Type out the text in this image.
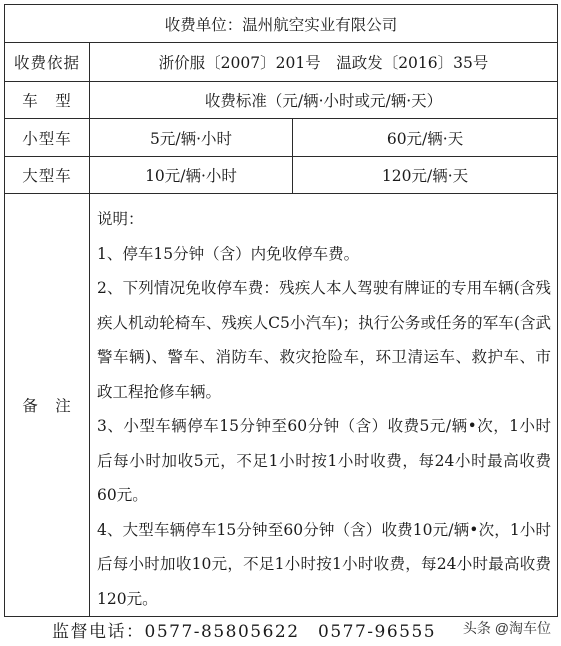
收费单位：温州航空实业有限公司		
收费依据	浙价服〔2007〕201号　温政发〔2016〕35号	
车　型	收费标准（元/辆·小时或元/辆·天）	
小型车	5元/辆·小时	60元/辆·天
大型车	10元/辆·小时	120元/辆·天
备　注	说明：
1、停车15分钟（含）内免收停车费。
2、下列情况免收停车费：残疾人本人驾驶有牌证的专用车辆(含残疾人机动轮椅车、残疾人C5小汽车)；执行公务或任务的军车(含武警车辆)、警车、消防车、救灾抢险车，环卫清运车、救护车、市政工程抢修车辆。
3、小型车辆停车15分钟至60分钟（含）收费5元/辆•次，1小时后每小时加收5元，不足1小时按1小时收费，每24小时最高收费60元。
4、大型车辆停车15分钟至60分钟（含）收费10元/辆•次，1小时后每小时加收10元，不足1小时按1小时收费，每24小时最高收费120元。	
监督电话：0577-85805622　0577-96555 头条 @淘车位
